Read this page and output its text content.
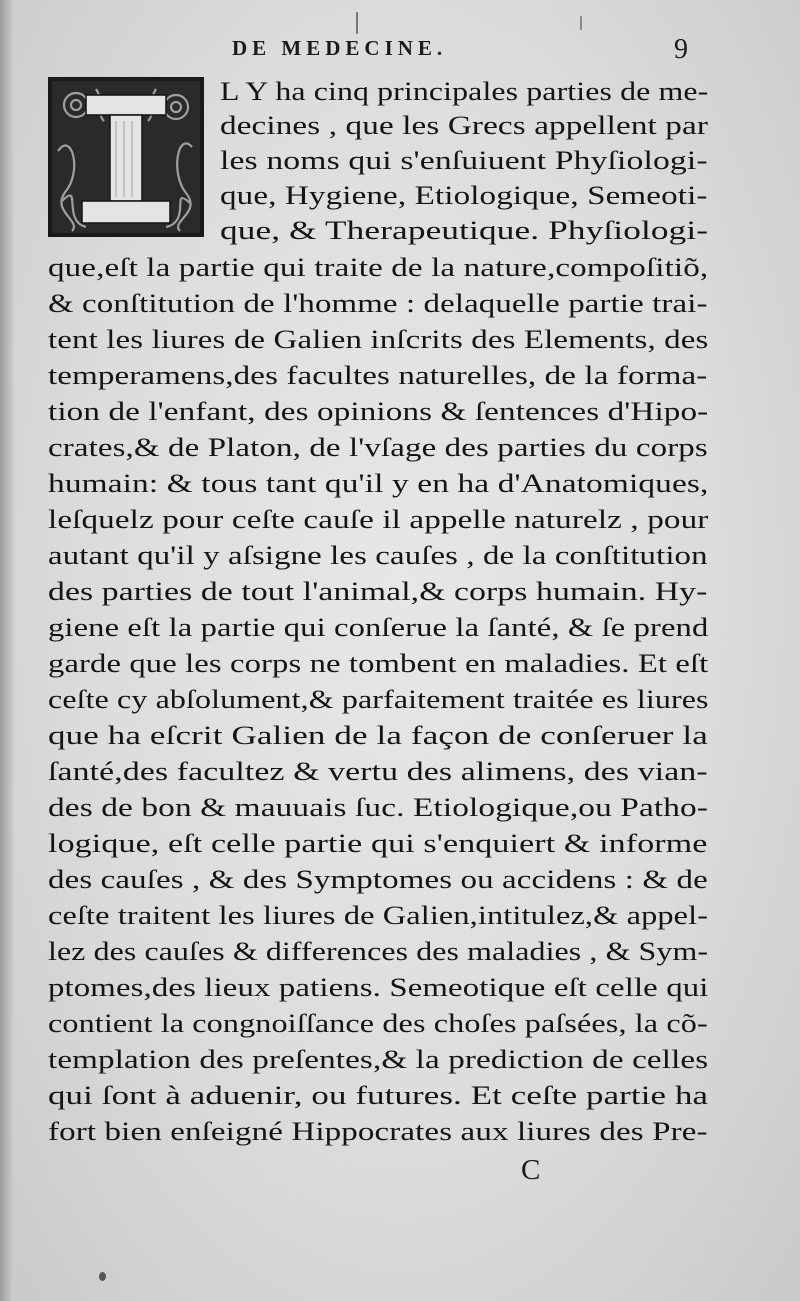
DE MEDECINE.	9
L Y ha cinq principales parties de me-
decines , que les Grecs appellent par
les noms qui s'enſuiuent Phyſiologi-
que, Hygiene, Etiologique, Semeoti-
que, & Therapeutique. Phyſiologi-
que,eſt la partie qui traite de la nature,compoſitiõ,
& conſtitution de l'homme : delaquelle partie trai-
tent les liures de Galien inſcrits des Elements, des
temperamens,des facultes naturelles, de la forma-
tion de l'enfant, des opinions & ſentences d'Hipo-
crates,& de Platon, de l'vſage des parties du corps
humain: & tous tant qu'il y en ha d'Anatomiques,
leſquelz pour ceſte cauſe il appelle naturelz , pour
autant qu'il y aſsigne les cauſes , de la conſtitution
des parties de tout l'animal,& corps humain. Hy-
giene eſt la partie qui conſerue la ſanté, & ſe prend
garde que les corps ne tombent en maladies. Et eſt
ceſte cy abſolument,& parfaitement traitée es liures
que ha eſcrit Galien de la façon de conſeruer la
ſanté,des facultez & vertu des alimens, des vian-
des de bon & mauuais ſuc. Etiologique,ou Patho-
logique, eſt celle partie qui s'enquiert & informe
des cauſes , & des Symptomes ou accidens : & de
ceſte traitent les liures de Galien,intitulez,& appel-
lez des cauſes & differences des maladies , & Sym-
ptomes,des lieux patiens. Semeotique eſt celle qui
contient la congnoiſſance des choſes paſsées, la cõ-
templation des preſentes,& la prediction de celles
qui ſont à aduenir, ou futures. Et ceſte partie ha
fort bien enſeigné Hippocrates aux liures des Pre-
C
